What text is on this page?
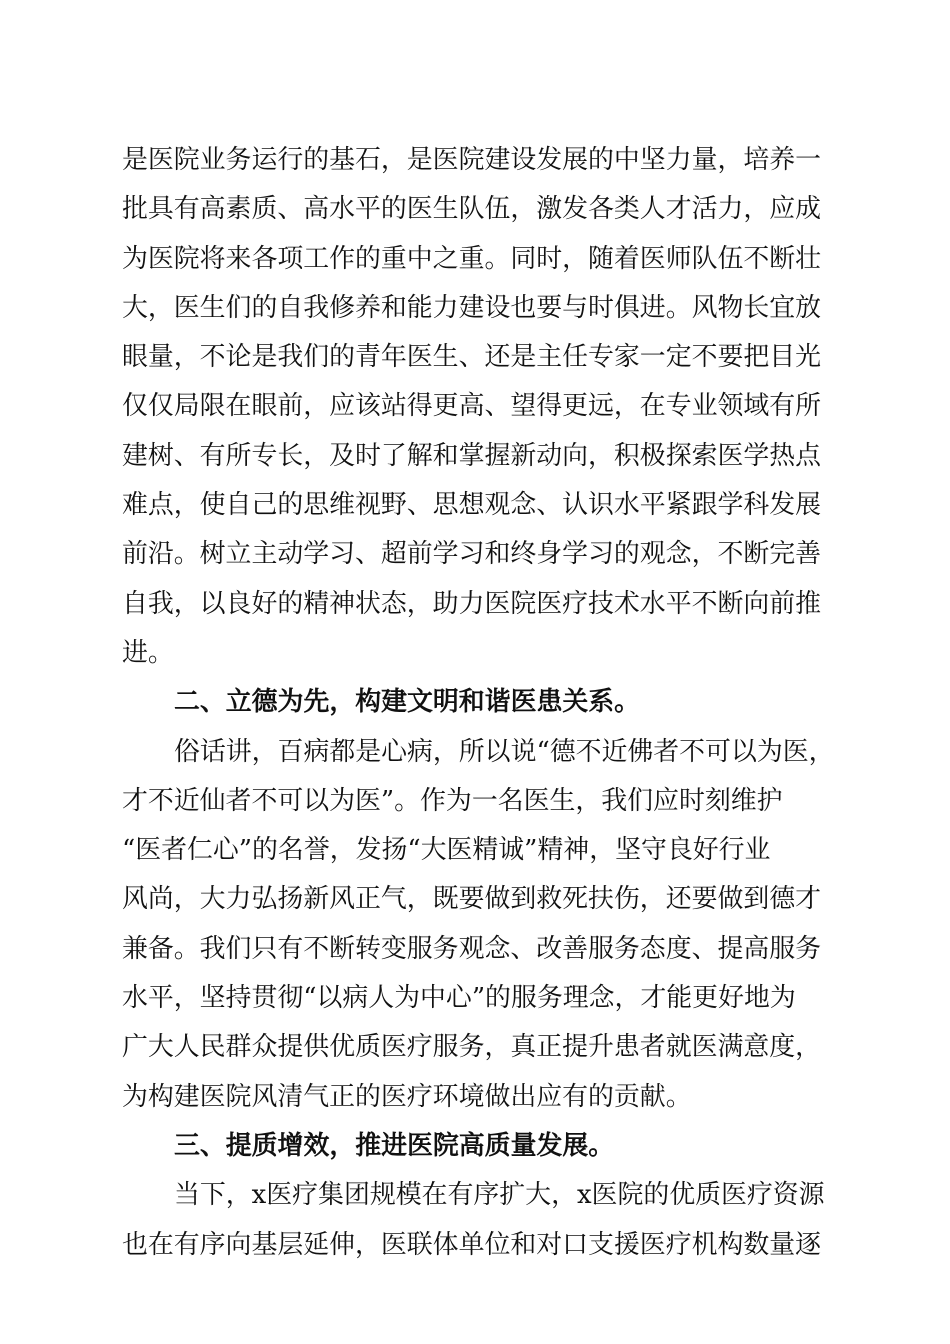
是医院业务运行的基石，是医院建设发展的中坚力量，培养一
批具有高素质、高水平的医生队伍，激发各类人才活力，应成
为医院将来各项工作的重中之重。同时，随着医师队伍不断壮
大，医生们的自我修养和能力建设也要与时俱进。风物长宜放
眼量，不论是我们的青年医生、还是主任专家一定不要把目光
仅仅局限在眼前，应该站得更高、望得更远，在专业领域有所
建树、有所专长，及时了解和掌握新动向，积极探索医学热点
难点，使自己的思维视野、思想观念、认识水平紧跟学科发展
前沿。树立主动学习、超前学习和终身学习的观念，不断完善
自我，以良好的精神状态，助力医院医疗技术水平不断向前推
进。
二、立德为先，构建文明和谐医患关系。
俗话讲，百病都是心病，所以说“德不近佛者不可以为医，
才不近仙者不可以为医”。作为一名医生，我们应时刻维护
“医者仁心”的名誉，发扬“大医精诚”精神，坚守良好行业
风尚，大力弘扬新风正气，既要做到救死扶伤，还要做到德才
兼备。我们只有不断转变服务观念、改善服务态度、提高服务
水平，坚持贯彻“以病人为中心”的服务理念，才能更好地为
广大人民群众提供优质医疗服务，真正提升患者就医满意度，
为构建医院风清气正的医疗环境做出应有的贡献。
三、提质增效，推进医院高质量发展。
当下，x医疗集团规模在有序扩大，x医院的优质医疗资源
也在有序向基层延伸，医联体单位和对口支援医疗机构数量逐
